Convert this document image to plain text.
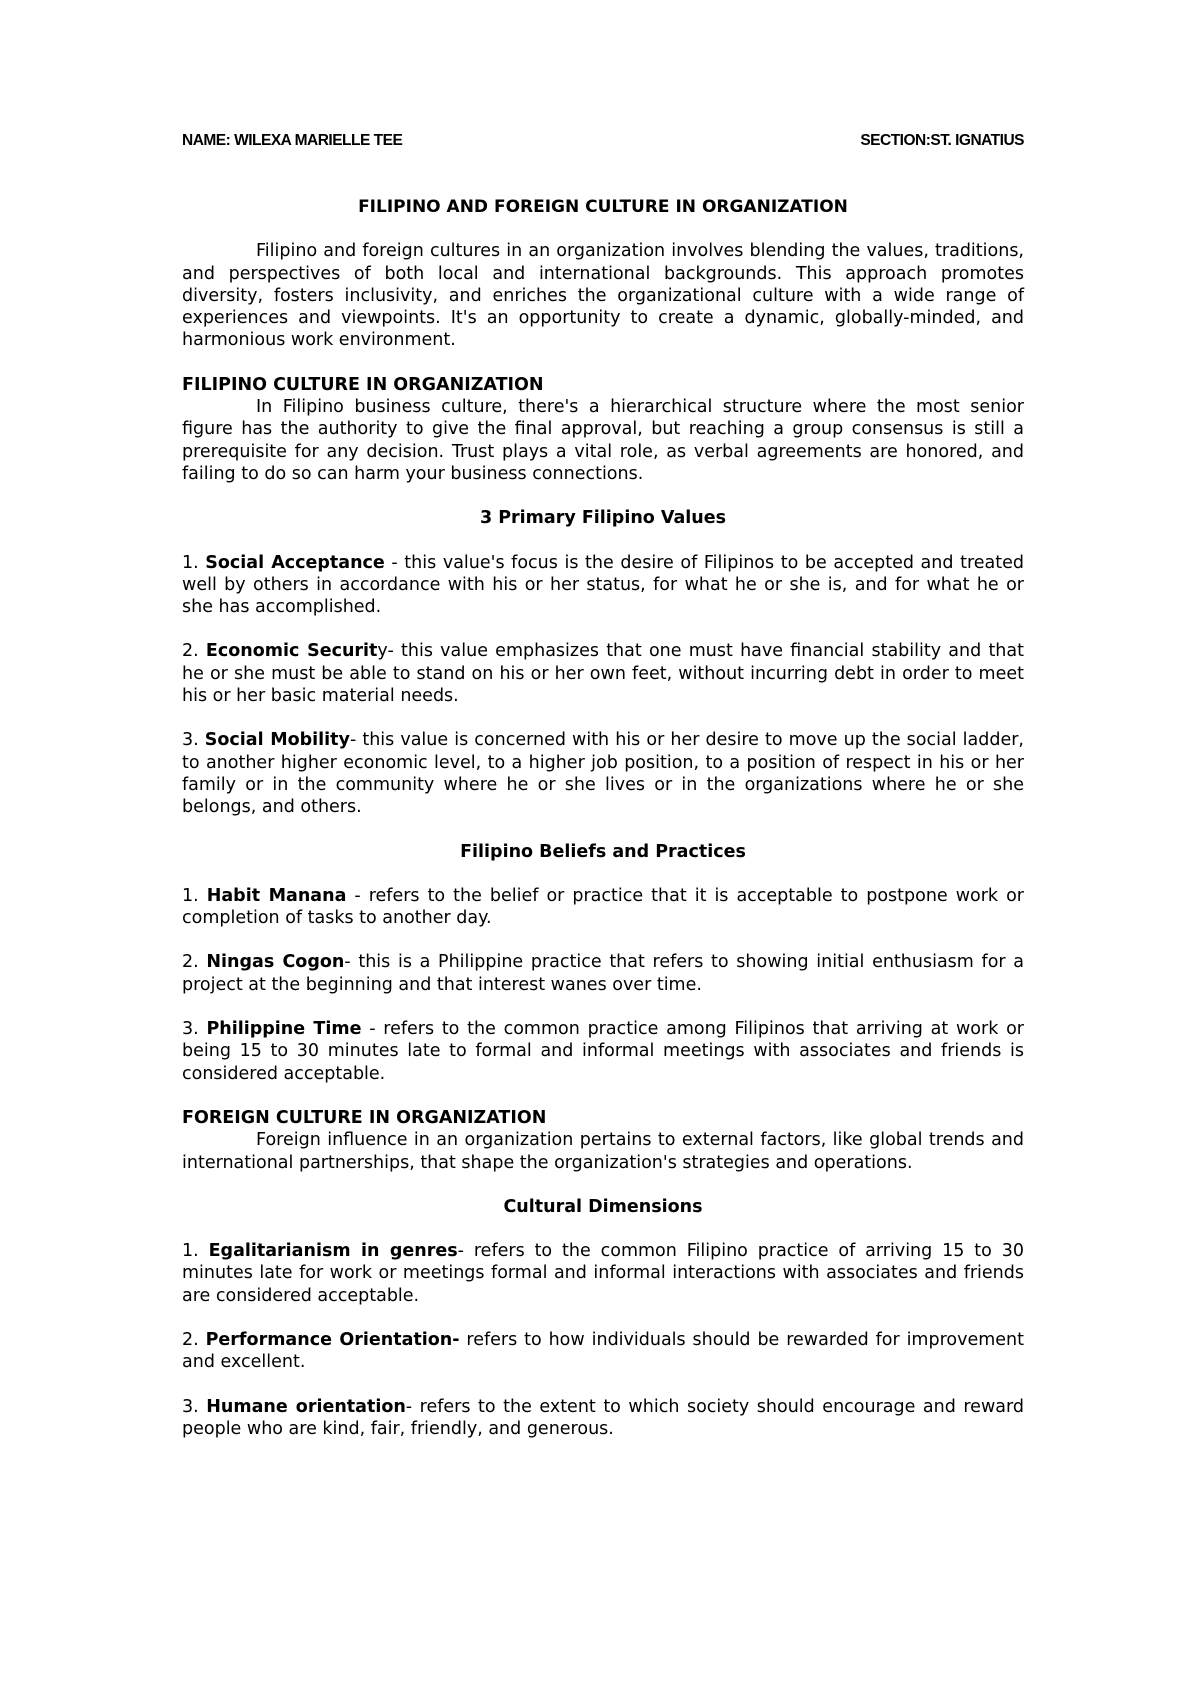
NAME: WILEXA MARIELLE TEE	SECTION:ST. IGNATIUS
FILIPINO AND FOREIGN CULTURE IN ORGANIZATION

Filipino and foreign cultures in an organization involves blending the values, traditions, and perspectives of both local and international backgrounds. This approach promotes diversity, fosters inclusivity, and enriches the organizational culture with a wide range of experiences and viewpoints. It's an opportunity to create a dynamic, globally-minded, and harmonious work environment.

FILIPINO CULTURE IN ORGANIZATION

In Filipino business culture, there's a hierarchical structure where the most senior figure has the authority to give the final approval, but reaching a group consensus is still a prerequisite for any decision. Trust plays a vital role, as verbal agreements are honored, and failing to do so can harm your business connections.

3 Primary Filipino Values

1. Social Acceptance - this value's focus is the desire of Filipinos to be accepted and treated well by others in accordance with his or her status, for what he or she is, and for what he or she has accomplished.

2. Economic Security- this value emphasizes that one must have financial stability and that he or she must be able to stand on his or her own feet, without incurring debt in order to meet his or her basic material needs.

3. Social Mobility- this value is concerned with his or her desire to move up the social ladder, to another higher economic level, to a higher job position, to a position of respect in his or her family or in the community where he or she lives or in the organizations where he or she belongs, and others.

Filipino Beliefs and Practices

1. Habit Manana - refers to the belief or practice that it is acceptable to postpone work or completion of tasks to another day.

2. Ningas Cogon- this is a Philippine practice that refers to showing initial enthusiasm for a project at the beginning and that interest wanes over time.

3. Philippine Time - refers to the common practice among Filipinos that arriving at work or being 15 to 30 minutes late to formal and informal meetings with associates and friends is considered acceptable.

FOREIGN CULTURE IN ORGANIZATION

Foreign influence in an organization pertains to external factors, like global trends and international partnerships, that shape the organization's strategies and operations.

Cultural Dimensions

1. Egalitarianism in genres- refers to the common Filipino practice of arriving 15 to 30 minutes late for work or meetings formal and informal interactions with associates and friends are considered acceptable.

2. Performance Orientation- refers to how individuals should be rewarded for improvement and excellent.

3. Humane orientation- refers to the extent to which society should encourage and reward people who are kind, fair, friendly, and generous.
